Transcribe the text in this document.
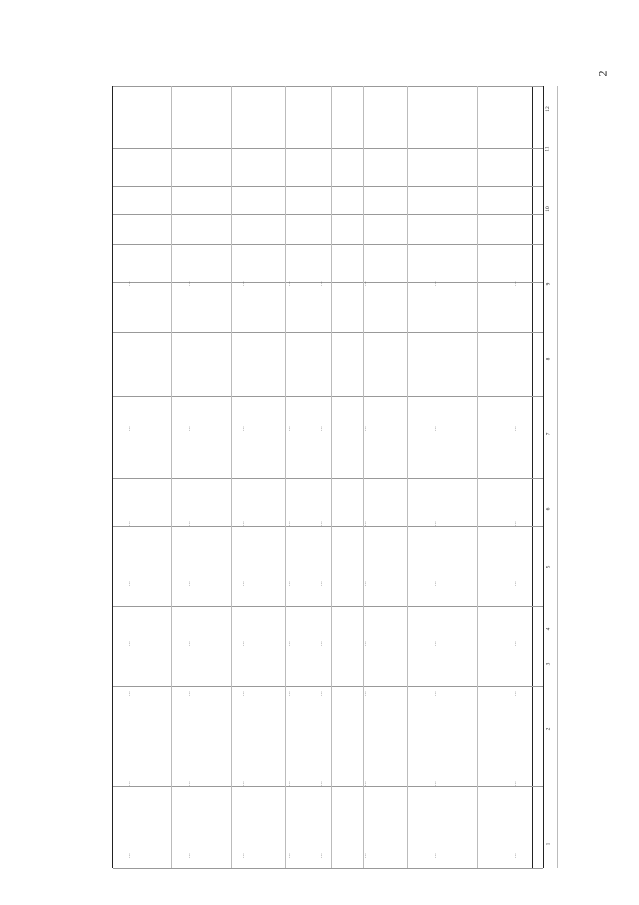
2
1
2
3
4
5
6
7
8
9
10
11
12
…
…
…
…
…
…
…
…
…
…
…
…
…
…
…
…
…
…
…
…
…
…
…
…
…
…
…
…
…
…
…
…
…
…
…
…
…
…
…
…
…
…
…
…
…
…
…
…
…
…
…
…
…
…
…
…
…
…
…
…
…
…
…
…
